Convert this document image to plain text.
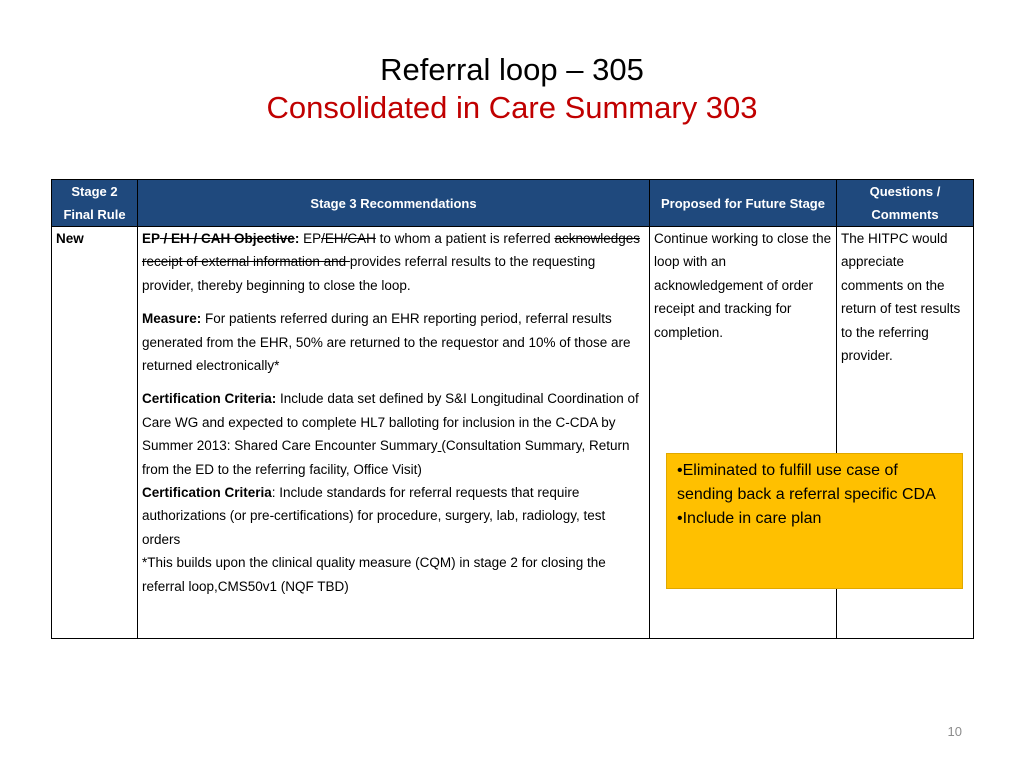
Referral loop – 305
Consolidated in Care Summary 303
Stage 2 Final Rule	Stage 3 Recommendations	Proposed for Future Stage	Questions / Comments
New	EP / EH / CAH Objective: EP/EH/CAH to whom a patient is referred acknowledges receipt of external information and provides referral results to the requesting provider, thereby beginning to close the loop.

Measure: For patients referred during an EHR reporting period, referral results generated from the EHR, 50% are returned to the requestor and 10% of those are returned electronically*

Certification Criteria: Include data set defined by S&I Longitudinal Coordination of Care WG and expected to complete HL7 balloting for inclusion in the C-CDA by Summer 2013: Shared Care Encounter Summary (Consultation Summary, Return from the ED to the referring facility, Office Visit)

Certification Criteria: Include standards for referral requests that require authorizations (or pre-certifications) for procedure, surgery, lab, radiology, test orders

*This builds upon the clinical quality measure (CQM) in stage 2 for closing the referral loop,CMS50v1 (NQF TBD)	Continue working to close the loop with an acknowledgement of order receipt and tracking for completion.	The HITPC would appreciate comments on the return of test results to the referring provider.

•Eliminated to fulfill use case of sending back a referral specific CDA

•Include in care plan

10
